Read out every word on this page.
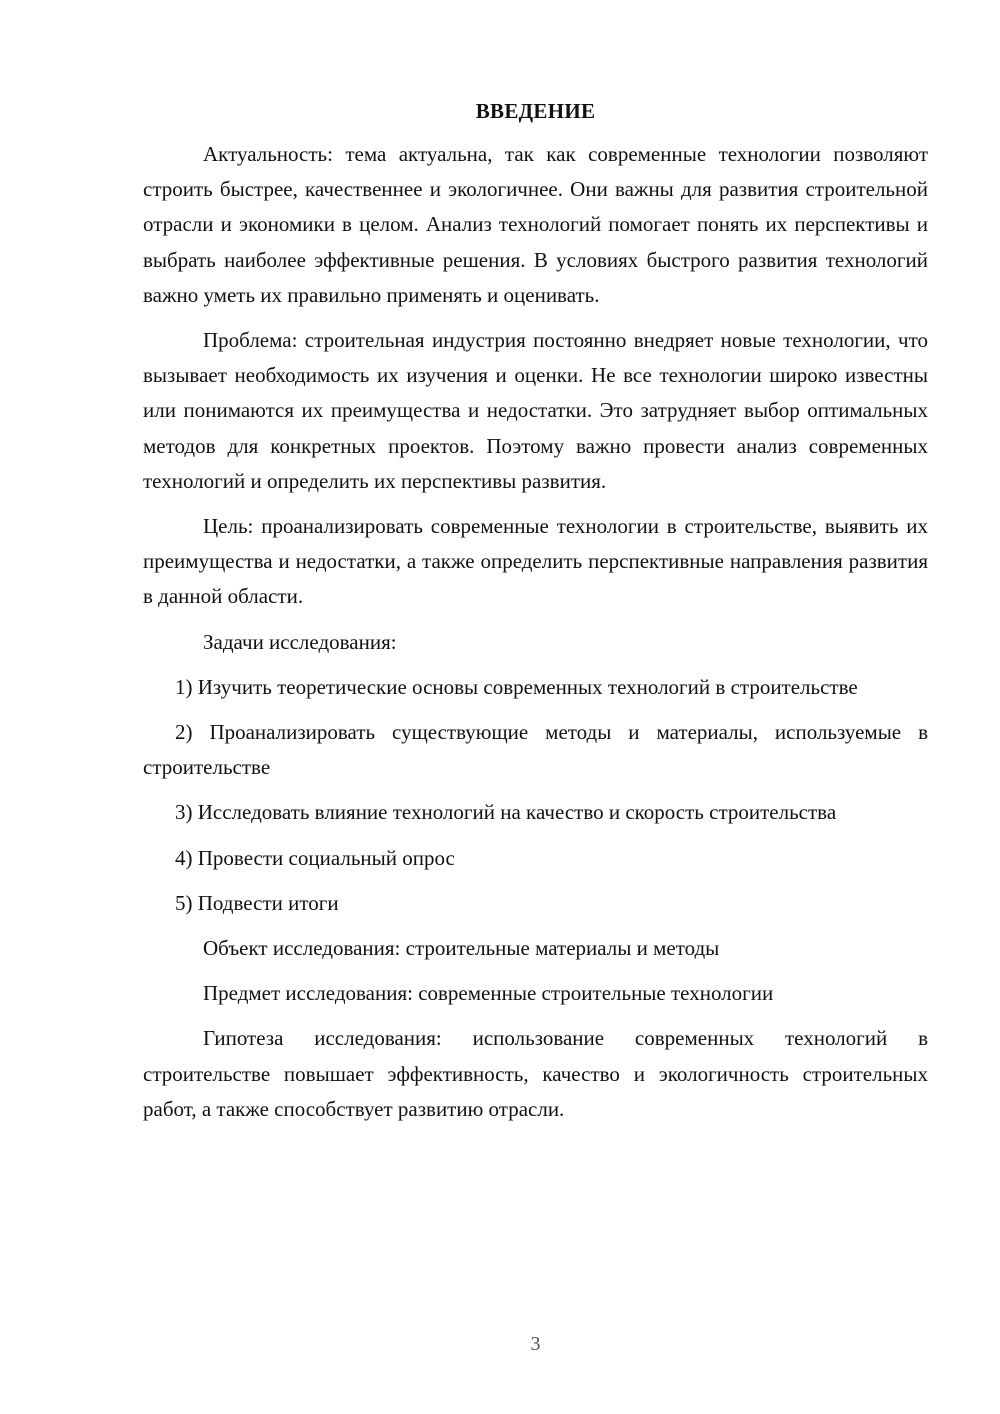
ВВЕДЕНИЕ

Актуальность: тема актуальна, так как современные технологии позволяют строить быстрее, качественнее и экологичнее. Они важны для развития строительной отрасли и экономики в целом. Анализ технологий помогает понять их перспективы и выбрать наиболее эффективные решения. В условиях быстрого развития технологий важно уметь их правильно применять и оценивать.

Проблема: строительная индустрия постоянно внедряет новые технологии, что вызывает необходимость их изучения и оценки. Не все технологии широко известны или понимаются их преимущества и недостатки. Это затрудняет выбор оптимальных методов для конкретных проектов. Поэтому важно провести анализ современных технологий и определить их перспективы развития.

Цель: проанализировать современные технологии в строительстве, выявить их преимущества и недостатки, а также определить перспективные направления развития в данной области.

Задачи исследования:

1) Изучить теоретические основы современных технологий в строительстве

2) Проанализировать существующие методы и материалы, используемые в строительстве

3) Исследовать влияние технологий на качество и скорость строительства

4) Провести социальный опрос

5) Подвести итоги

Объект исследования: строительные материалы и методы

Предмет исследования: современные строительные технологии

Гипотеза исследования: использование современных технологий в строительстве повышает эффективность, качество и экологичность строительных работ, а также способствует развитию отрасли.

3
